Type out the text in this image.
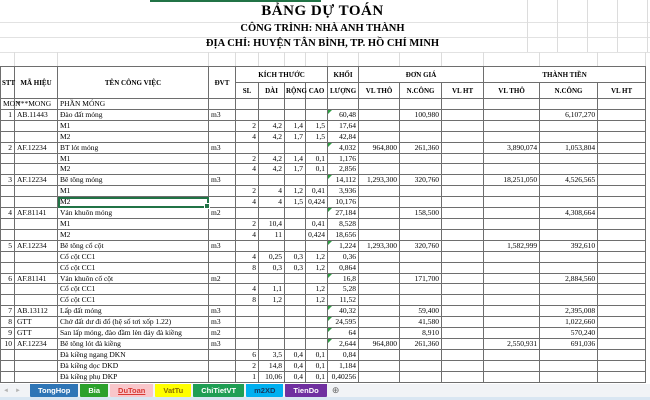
BẢNG DỰ TOÁN
CÔNG TRÌNH: NHÀ ANH THÀNH
ĐỊA CHỈ: HUYỆN TÂN BÌNH, TP. HỒ CHÍ MINH
STT	MÃ HIỆU	TÊN CÔNG VIỆC	ĐVT	KÍCH THƯỚC				KHỐI	ĐƠN GIÁ			THÀNH TIỀN		
				SL	DÀI	RỘNG	CAO	LƯỢNG	VL THÔ	N.CÔNG	VL HT	VL THÔ	N.CÔNG	VL HT
MON	***MONG	PHẦN MÓNG												
1	AB.11443	Đào đất móng	m3					60,48		100,980			6,107,270	
		M1		2	4,2	1,4	1,5	17,64						
		M2		4	4,2	1,7	1,5	42,84						
2	AF.12234	BT lót móng	m3					4,032	964,800	261,360		3,890,074	1,053,804	
		M1		2	4,2	1,4	0,1	1,176						
		M2		4	4,2	1,7	0,1	2,856						
3	AF.12234	Bê tông móng	m3					14,112	1,293,300	320,760		18,251,050	4,526,565	
		M1		2	4	1,2	0,41	3,936						
		M2		4	4	1,5	0,424	10,176						
4	AF.81141	Ván khuôn móng	m2					27,184		158,500			4,308,664	
		M1		2	10,4		0,41	8,528						
		M2		4	11		0,424	18,656						
5	AF.12234	Bê tông cổ cột	m3					1,224	1,293,300	320,760		1,582,999	392,610	
		Cổ cột CC1		4	0,25	0,3	1,2	0,36						
		Cổ cột CC1		8	0,3	0,3	1,2	0,864						
6	AF.81141	Ván khuôn cổ cột	m2					16,8		171,700			2,884,560	
		Cổ cột CC1		4	1,1		1,2	5,28						
		Cổ cột CC1		8	1,2		1,2	11,52						
7	AB.13112	Lấp đất móng	m3					40,32		59,400			2,395,008	
8	GTT	Chở đất dư đi đổ (hệ số tơi xốp 1.22)	m3					24,595		41,580			1,022,660	
9	GTT	San lấp móng, đào đầm lèn đáy đà kiềng	m2					64		8,910			570,240	
10	AF.12234	Bê tông lót đà kiềng	m3					2,644	964,800	261,360		2,550,931	691,036	
		Đà kiềng ngang DKN		6	3,5	0,4	0,1	0,84						
		Đà kiềng dọc DKD		2	14,8	0,4	0,1	1,184						
		Đà kiềng phụ DKP		1	10,06	0,4	0,1	0,40256						
◄	►	TongHop	Bia	DuToan	VatTu	ChiTietVT	m2XD	TienDo	⊕
